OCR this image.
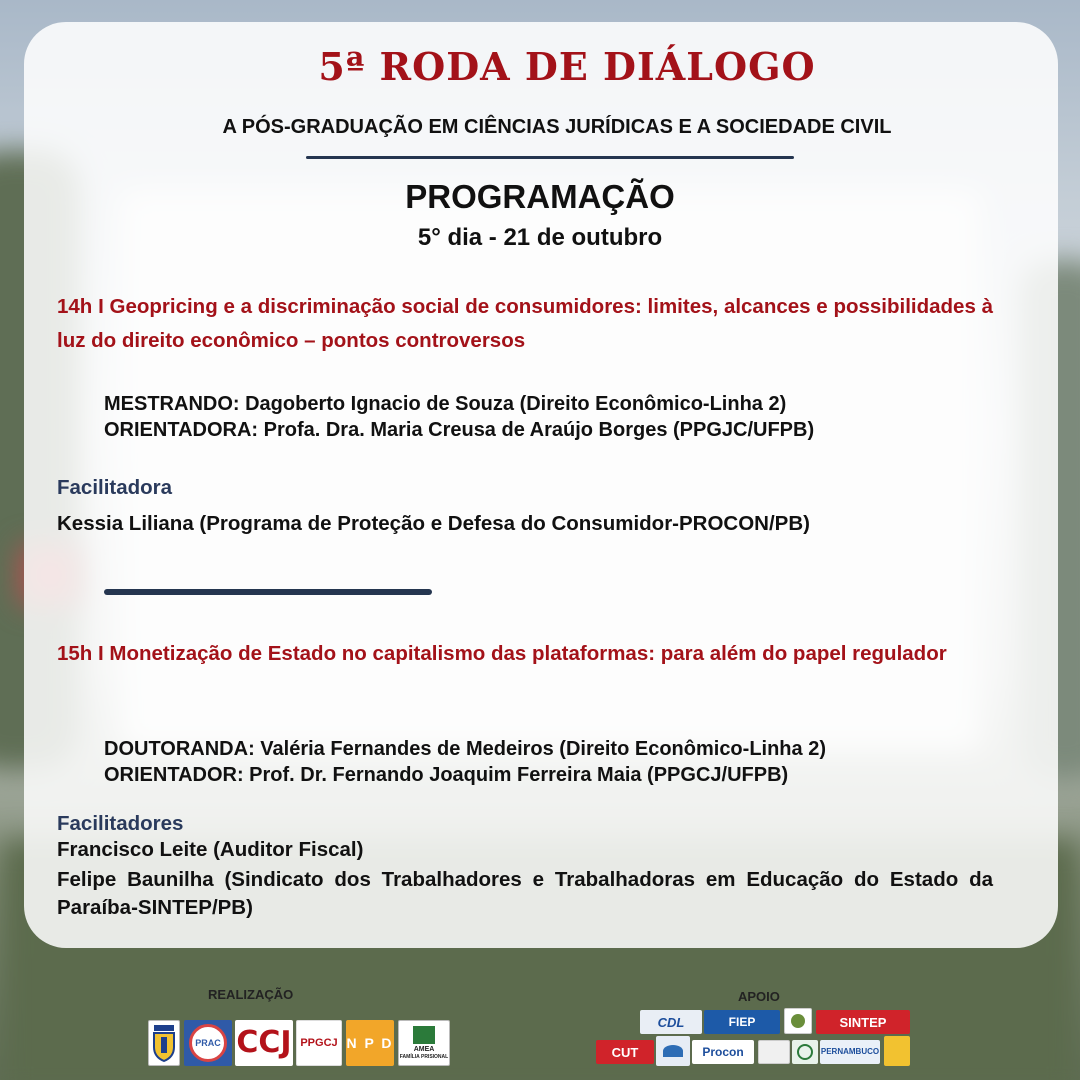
5ª RODA DE DIÁLOGO
A PÓS-GRADUAÇÃO EM CIÊNCIAS JURÍDICAS E A SOCIEDADE CIVIL
PROGRAMAÇÃO
5° dia - 21 de outubro
14h I Geopricing e a discriminação social de consumidores: limites, alcances e possibilidades à luz do direito econômico – pontos controversos
MESTRANDO: Dagoberto Ignacio de Souza (Direito Econômico-Linha 2)
ORIENTADORA: Profa. Dra. Maria Creusa de Araújo Borges (PPGJC/UFPB)
Facilitadora
Kessia Liliana (Programa de Proteção e Defesa do Consumidor-PROCON/PB)
15h I Monetização de Estado no capitalismo das plataformas: para além do papel regulador
DOUTORANDA: Valéria Fernandes de Medeiros (Direito Econômico-Linha 2)
ORIENTADOR: Prof. Dr. Fernando Joaquim Ferreira Maia (PPGCJ/UFPB)
Facilitadores
Francisco Leite (Auditor Fiscal)
Felipe Baunilha (Sindicato dos Trabalhadores e Trabalhadoras em Educação do Estado da Paraíba-SINTEP/PB)
REALIZAÇÃO	APOIO
PRAC CCJ PPGCJ N P D	AMEA
FAMÍLIA PRISIONAL
CDL	FIEP	SINTEP
CUT	Procon	PERNAMBUCO
